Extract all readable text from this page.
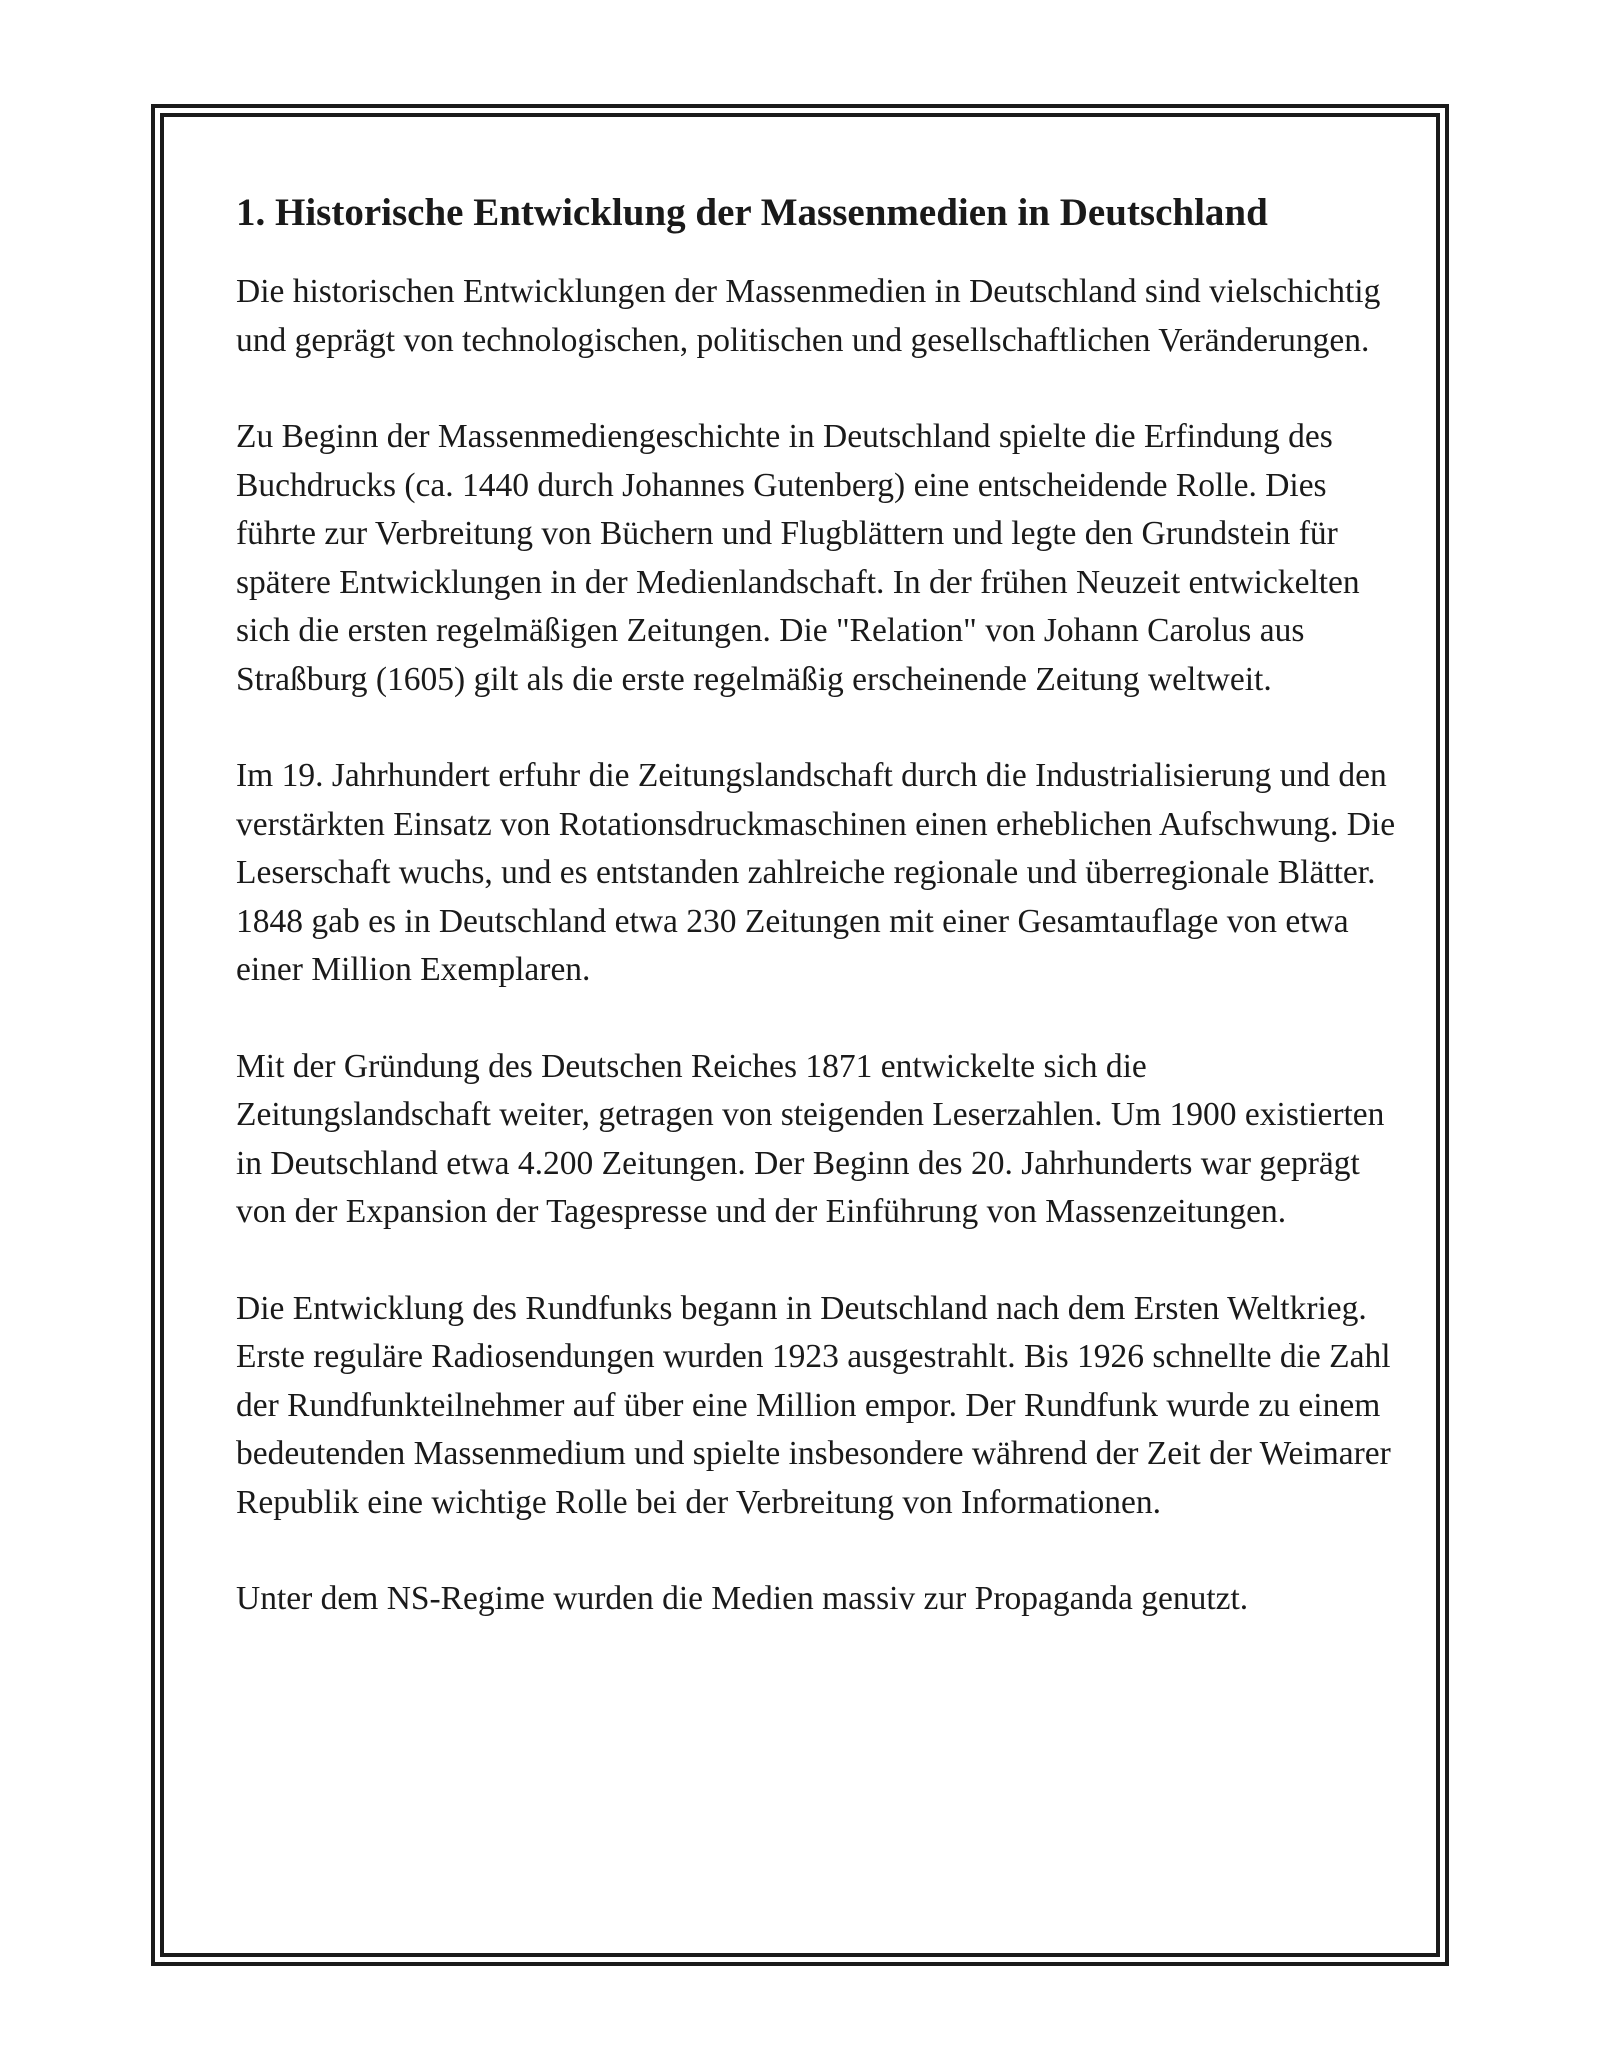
1. Historische Entwicklung der Massenmedien in Deutschland

Die historischen Entwicklungen der Massenmedien in Deutschland sind vielschichtig und geprägt von technologischen, politischen und gesellschaftlichen Veränderungen.

Zu Beginn der Massenmediengeschichte in Deutschland spielte die Erfindung des Buchdrucks (ca. 1440 durch Johannes Gutenberg) eine entscheidende Rolle. Dies führte zur Verbreitung von Büchern und Flugblättern und legte den Grundstein für spätere Entwicklungen in der Medienlandschaft. In der frühen Neuzeit entwickelten sich die ersten regelmäßigen Zeitungen. Die "Relation" von Johann Carolus aus Straßburg (1605) gilt als die erste regelmäßig erscheinende Zeitung weltweit.

Im 19. Jahrhundert erfuhr die Zeitungslandschaft durch die Industrialisierung und den verstärkten Einsatz von Rotationsdruckmaschinen einen erheblichen Aufschwung. Die Leserschaft wuchs, und es entstanden zahlreiche regionale und überregionale Blätter. 1848 gab es in Deutschland etwa 230 Zeitungen mit einer Gesamtauflage von etwa einer Million Exemplaren.

Mit der Gründung des Deutschen Reiches 1871 entwickelte sich die Zeitungslandschaft weiter, getragen von steigenden Leserzahlen. Um 1900 existierten in Deutschland etwa 4.200 Zeitungen. Der Beginn des 20. Jahrhunderts war geprägt von der Expansion der Tagespresse und der Einführung von Massenzeitungen.

Die Entwicklung des Rundfunks begann in Deutschland nach dem Ersten Weltkrieg. Erste reguläre Radiosendungen wurden 1923 ausgestrahlt. Bis 1926 schnellte die Zahl der Rundfunkteilnehmer auf über eine Million empor. Der Rundfunk wurde zu einem bedeutenden Massenmedium und spielte insbesondere während der Zeit der Weimarer Republik eine wichtige Rolle bei der Verbreitung von Informationen.

Unter dem NS-Regime wurden die Medien massiv zur Propaganda genutzt.
